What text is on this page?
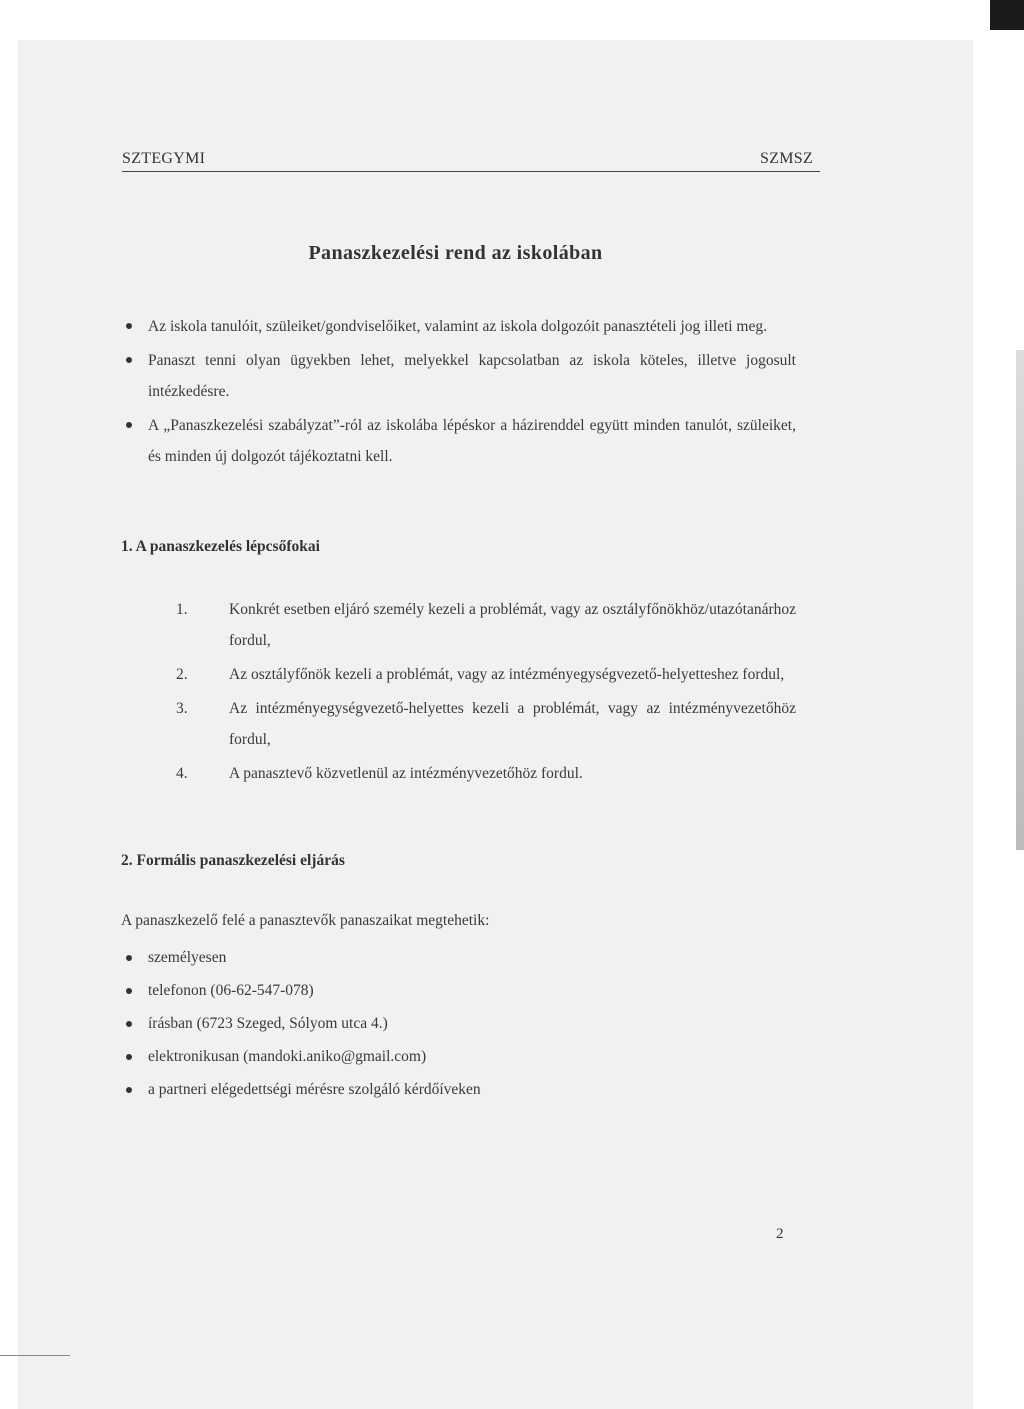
SZTEGYMI	SZMSZ
Panaszkezelési rend az iskolában
Az iskola tanulóit, szüleiket/gondviselőiket, valamint az iskola dolgozóit panasztételi jog illeti meg.
Panaszt tenni olyan ügyekben lehet, melyekkel kapcsolatban az iskola köteles, illetve jogosult intézkedésre.
A „Panaszkezelési szabályzat”-ról az iskolába lépéskor a házirenddel együtt minden tanulót, szüleiket, és minden új dolgozót tájékoztatni kell.
1. A panaszkezelés lépcsőfokai
1.	Konkrét esetben eljáró személy kezeli a problémát, vagy az osztályfőnökhöz/utazótanárhoz fordul,
2.	Az osztályfőnök kezeli a problémát, vagy az intézményegységvezető-helyetteshez fordul,
3.	Az intézményegységvezető-helyettes kezeli a problémát, vagy az intézményvezetőhöz fordul,
4.	A panasztevő közvetlenül az intézményvezetőhöz fordul.
2. Formális panaszkezelési eljárás
A panaszkezelő felé a panasztevők panaszaikat megtehetik:
személyesen
telefonon (06-62-547-078)
írásban (6723 Szeged, Sólyom utca 4.)
elektronikusan (mandoki.aniko@gmail.com)
a partneri elégedettségi mérésre szolgáló kérdőíveken
2
